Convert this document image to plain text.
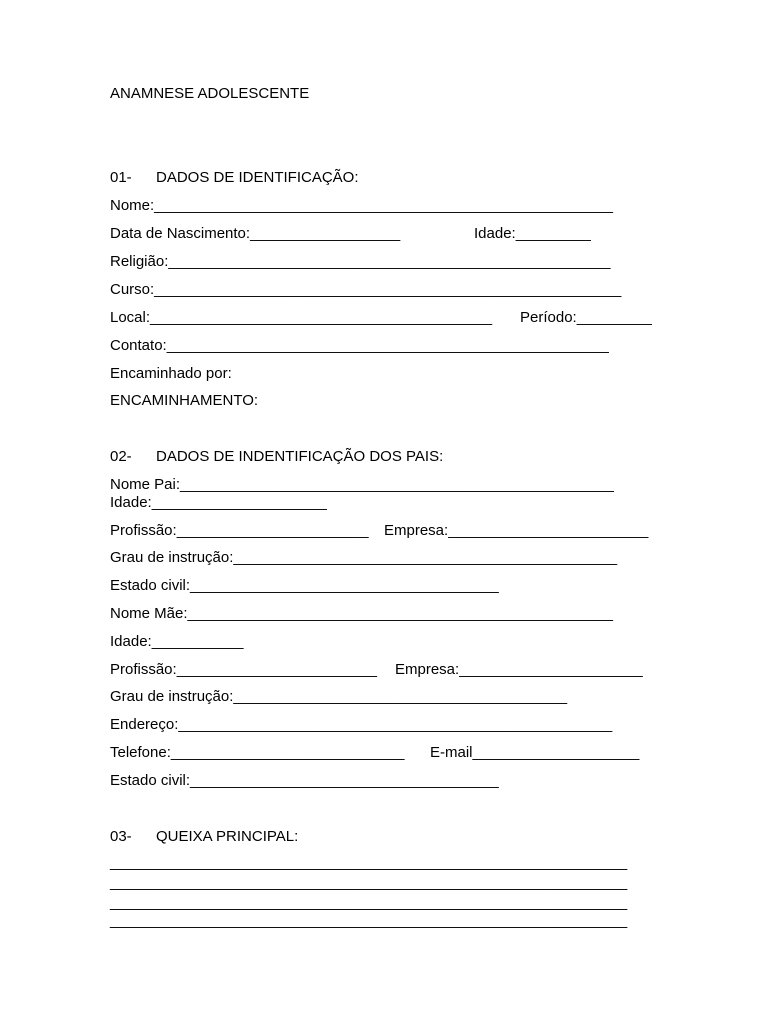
ANAMNESE ADOLESCENTE
01- DADOS DE IDENTIFICAÇÃO:
Nome:_______________________________________________________
Data de Nascimento:__________________	Idade:_________
Religião:_____________________________________________________
Curso:________________________________________________________
Local:_________________________________________ Período:_________
Contato:_____________________________________________________
Encaminhado por:
ENCAMINHAMENTO:
02- DADOS DE INDENTIFICAÇÃO DOS PAIS:
Nome Pai:____________________________________________________
Idade:_____________________
Profissão:_______________________ Empresa:________________________
Grau de instrução:______________________________________________
Estado civil:_____________________________________
Nome Mãe:___________________________________________________
Idade:___________
Profissão:________________________ Empresa:______________________
Grau de instrução:________________________________________
Endereço:____________________________________________________
Telefone:____________________________ E-mail____________________
Estado civil:_____________________________________
03- QUEIXA PRINCIPAL:
______________________________________________________________
______________________________________________________________
______________________________________________________________
______________________________________________________________
